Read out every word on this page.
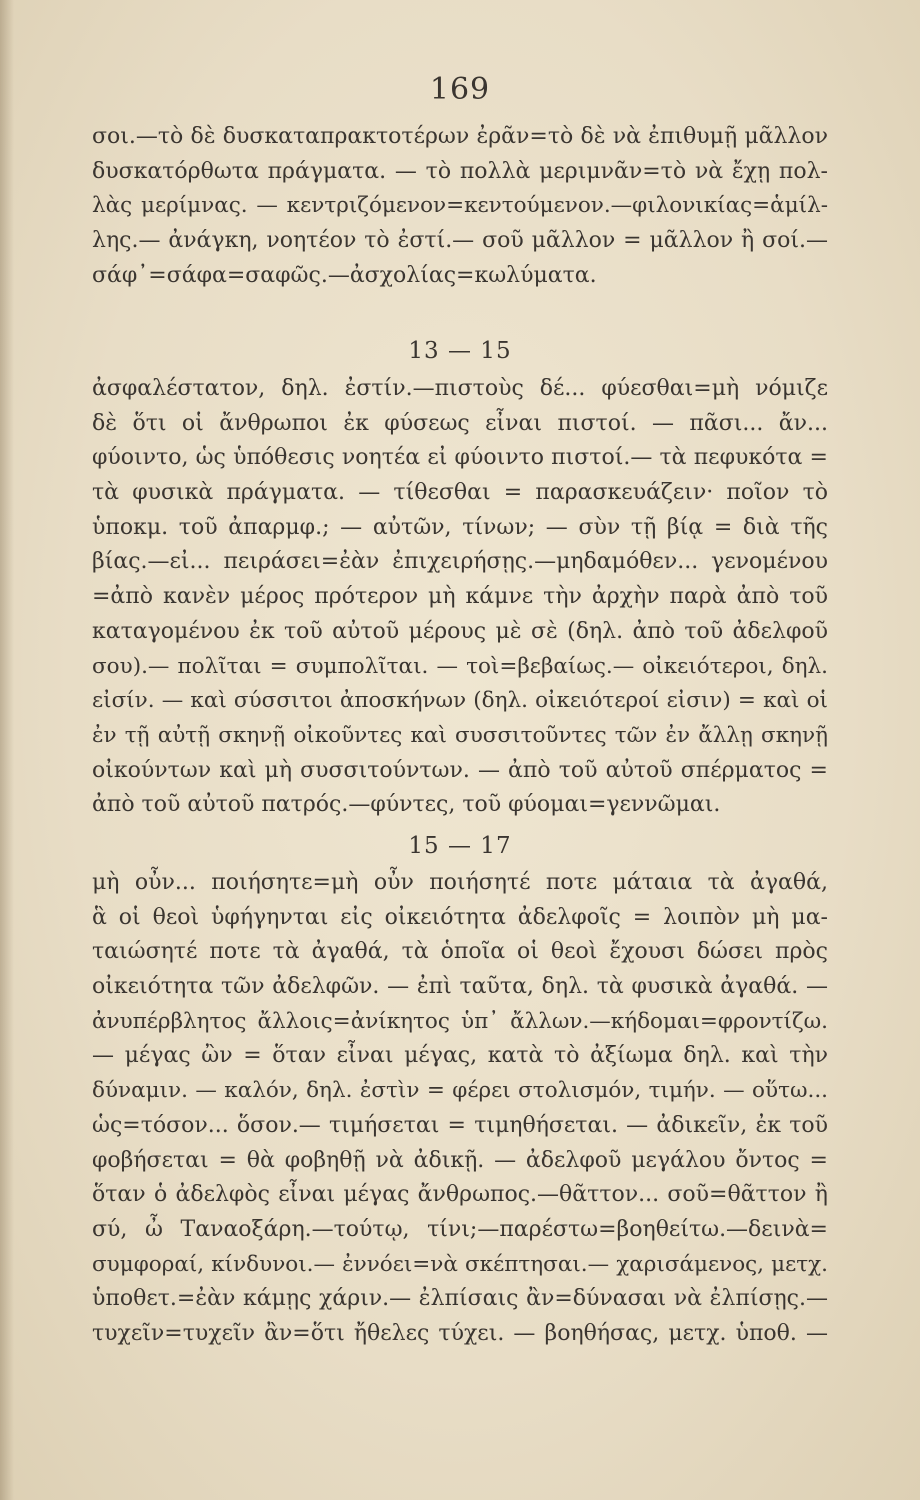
169
σοι.—τὸ δὲ δυσκαταπρακτοτέρων ἐρᾶν=τὸ δὲ νὰ ἐπιθυμῇ μᾶλλον
δυσκατόρθωτα πράγματα. — τὸ πολλὰ μεριμνᾶν=τὸ νὰ ἔχῃ πολ-
λὰς μερίμνας. — κεντριζόμενον=κεντούμενον.—φιλονικίας=ἁμίλ-
λης.— ἀνάγκη, νοητέον τὸ ἐστί.— σοῦ μᾶλλον = μᾶλλον ἢ σοί.—
σάφ᾽=σάφα=σαφῶς.—ἀσχολίας=κωλύματα.
13 — 15
ἀσφαλέστατον, δηλ. ἐστίν.—πιστοὺς δέ... φύεσθαι=μὴ νόμιζε
δὲ ὅτι οἱ ἄνθρωποι ἐκ φύσεως εἶναι πιστοί. — πᾶσι... ἄν...
φύοιντο, ὡς ὑπόθεσις νοητέα εἰ φύοιντο πιστοί.— τὰ πεφυκότα =
τὰ φυσικὰ πράγματα. — τίθεσθαι = παρασκευάζειν· ποῖον τὸ
ὑποκμ. τοῦ ἀπαρμφ.; — αὐτῶν, τίνων; — σὺν τῇ βίᾳ = διὰ τῆς
βίας.—εἰ... πειράσει=ἐὰν ἐπιχειρήσῃς.—μηδαμόθεν... γενομένου
=ἀπὸ κανὲν μέρος πρότερον μὴ κάμνε τὴν ἀρχὴν παρὰ ἀπὸ τοῦ
καταγομένου ἐκ τοῦ αὐτοῦ μέρους μὲ σὲ (δηλ. ἀπὸ τοῦ ἀδελφοῦ
σου).— πολῖται = συμπολῖται. — τοὶ=βεβαίως.— οἰκειότεροι, δηλ.
εἰσίν. — καὶ σύσσιτοι ἀποσκήνων (δηλ. οἰκειότεροί εἰσιν) = καὶ οἱ
ἐν τῇ αὐτῇ σκηνῇ οἰκοῦντες καὶ συσσιτοῦντες τῶν ἐν ἄλλῃ σκηνῇ
οἰκούντων καὶ μὴ συσσιτούντων. — ἀπὸ τοῦ αὐτοῦ σπέρματος =
ἀπὸ τοῦ αὐτοῦ πατρός.—φύντες, τοῦ φύομαι=γεννῶμαι.
15 — 17
μὴ οὖν... ποιήσητε=μὴ οὖν ποιήσητέ ποτε μάταια τὰ ἀγαθά,
ἃ οἱ θεοὶ ὑφήγηνται εἰς οἰκειότητα ἀδελφοῖς = λοιπὸν μὴ μα-
ταιώσητέ ποτε τὰ ἀγαθά, τὰ ὁποῖα οἱ θεοὶ ἔχουσι δώσει πρὸς
οἰκειότητα τῶν ἀδελφῶν. — ἐπὶ ταῦτα, δηλ. τὰ φυσικὰ ἀγαθά. —
ἀνυπέρβλητος ἄλλοις=ἀνίκητος ὑπ᾽ ἄλλων.—κήδομαι=φροντίζω.
— μέγας ὢν = ὅταν εἶναι μέγας, κατὰ τὸ ἀξίωμα δηλ. καὶ τὴν
δύναμιν. — καλόν, δηλ. ἐστὶν = φέρει στολισμόν, τιμήν. — οὕτω...
ὡς=τόσον... ὅσον.— τιμήσεται = τιμηθήσεται. — ἀδικεῖν, ἐκ τοῦ
φοβήσεται = θὰ φοβηθῇ νὰ ἀδικῇ. — ἀδελφοῦ μεγάλου ὄντος =
ὅταν ὁ ἀδελφὸς εἶναι μέγας ἄνθρωπος.—θᾶττον... σοῦ=θᾶττον ἢ
σύ, ὦ Ταναοξάρη.—τούτῳ, τίνι;—παρέστω=βοηθείτω.—δεινὰ=
συμφοραί, κίνδυνοι.— ἐννόει=νὰ σκέπτησαι.— χαρισάμενος, μετχ.
ὑποθετ.=ἐὰν κάμῃς χάριν.— ἐλπίσαις ἂν=δύνασαι νὰ ἐλπίσῃς.—
τυχεῖν=τυχεῖν ἂν=ὅτι ἤθελες τύχει. — βοηθήσας, μετχ. ὑποθ. —
